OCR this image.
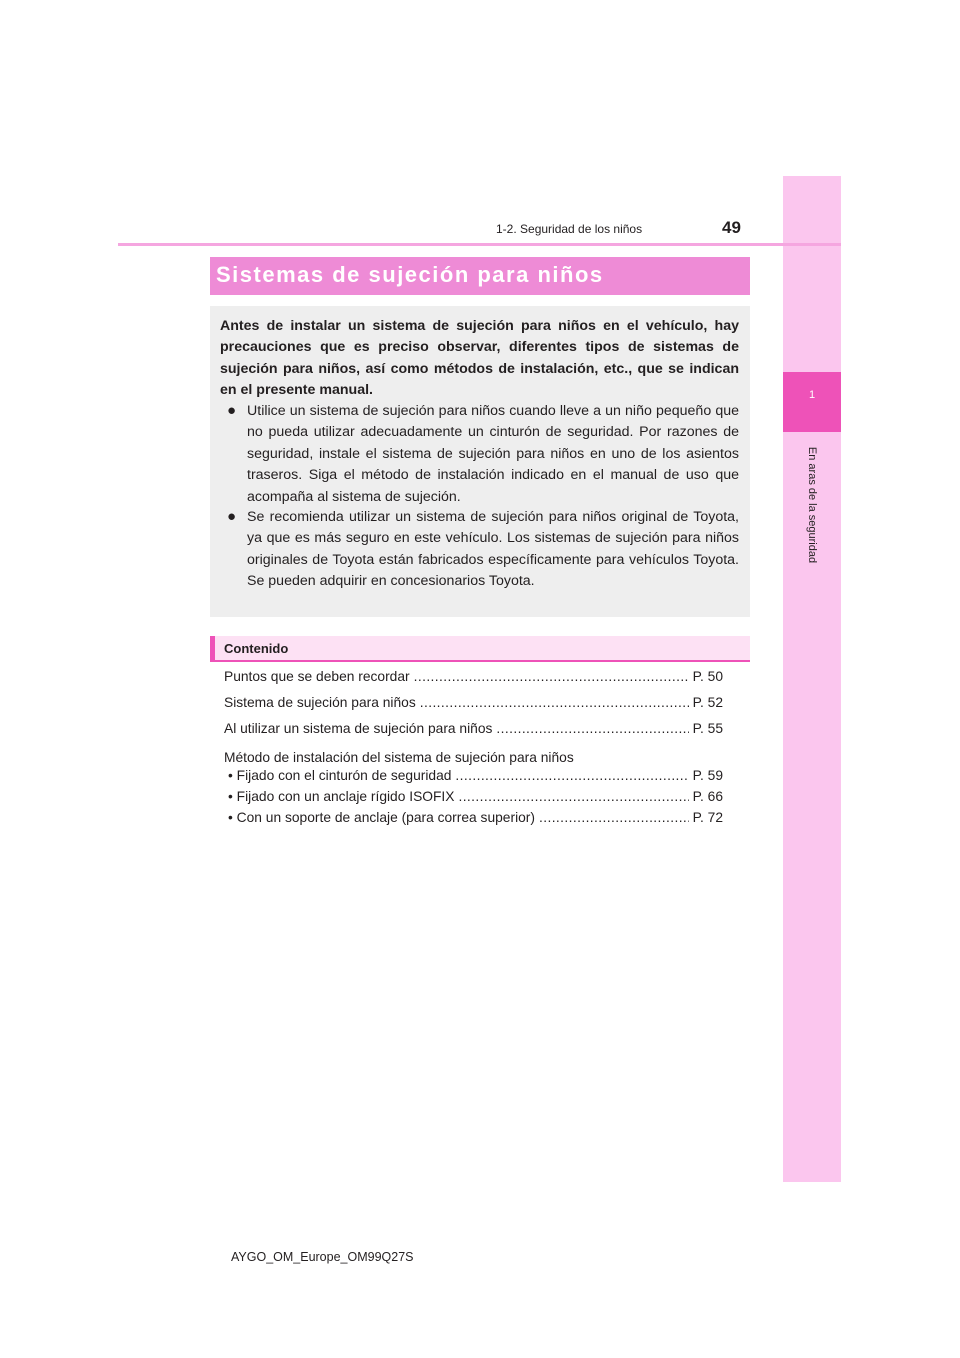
1
En aras de la seguridad
1-2. Seguridad de los niños	49
Sistemas de sujeción para niños

Antes de instalar un sistema de sujeción para niños en el vehículo, hay precauciones que es preciso observar, diferentes tipos de sistemas de sujeción para niños, así como métodos de instalación, etc., que se indican en el presente manual.

● Utilice un sistema de sujeción para niños cuando lleve a un niño pequeño que no pueda utilizar adecuadamente un cinturón de seguridad. Por razones de seguridad, instale el sistema de sujeción para niños en uno de los asientos traseros. Siga el método de instalación indicado en el manual de uso que acompaña al sistema de sujeción.

● Se recomienda utilizar un sistema de sujeción para niños original de Toyota, ya que es más seguro en este vehículo. Los sistemas de sujeción para niños originales de Toyota están fabricados específicamente para vehículos Toyota. Se pueden adquirir en concesionarios Toyota.

Contenido
Puntos que se deben recordar .....	P. 50
Sistema de sujeción para niños .....	P. 52
Al utilizar un sistema de sujeción para niños .....	P. 55
Método de instalación del sistema de sujeción para niños
• Fijado con el cinturón de seguridad .....	P. 59
• Fijado con un anclaje rígido ISOFIX .....	P. 66
• Con un soporte de anclaje (para correa superior) .....	P. 72
AYGO_OM_Europe_OM99Q27S
